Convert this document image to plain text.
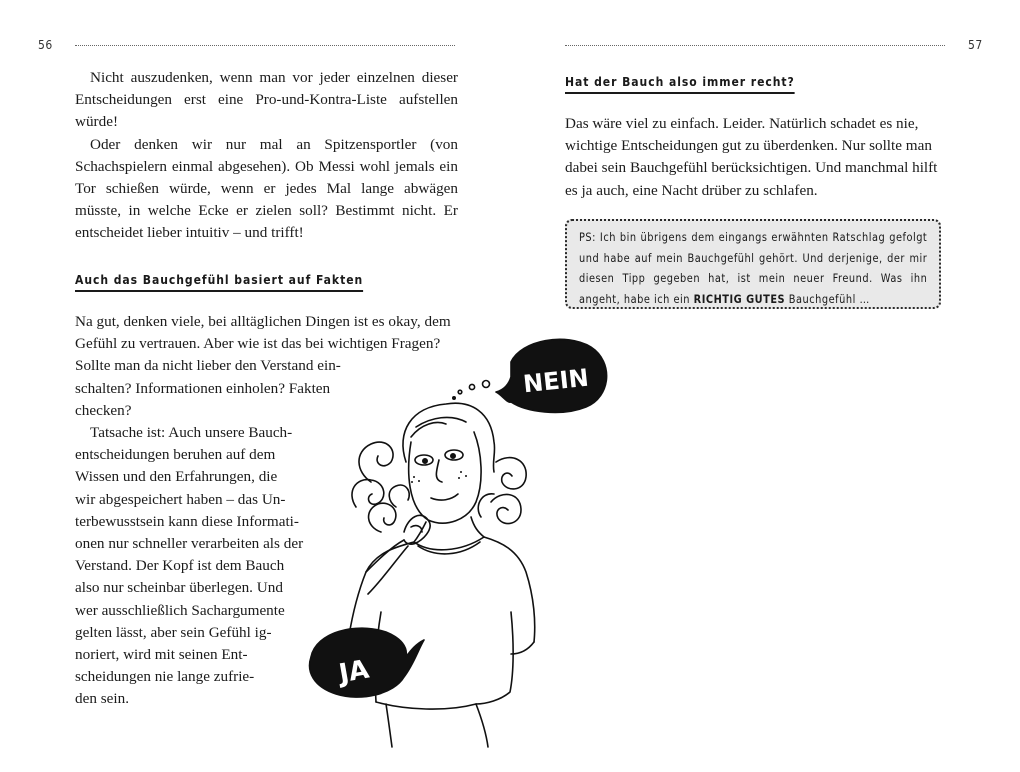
56

Nicht auszudenken, wenn man vor jeder einzelnen dieser Entscheidungen erst eine Pro-und-Kontra-Liste aufstellen würde!

Oder denken wir nur mal an Spitzensportler (von Schachspielern einmal abgesehen). Ob Messi wohl jemals ein Tor schießen würde, wenn er jedes Mal lange abwägen müsste, in welche Ecke er zielen soll? Bestimmt nicht. Er entscheidet lieber intuitiv – und trifft!

Auch das Bauchgefühl basiert auf Fakten

Na gut, denken viele, bei alltäglichen Dingen ist es okay, dem
Gefühl zu vertrauen. Aber wie ist das bei wichtigen Fragen?
Sollte man da nicht lieber den Verstand ein-
schalten? Informationen einholen? Fakten
checken?

Tatsache ist: Auch unsere Bauch-
entscheidungen beruhen auf dem
Wissen und den Erfahrungen, die
wir abgespeichert haben – das Un-
terbewusstsein kann diese Informati-
onen nur schneller verarbeiten als der
Verstand. Der Kopf ist dem Bauch
also nur scheinbar überlegen. Und
wer ausschließlich Sachargumente
gelten lässt, aber sein Gefühl ig-
noriert, wird mit seinen Ent-
scheidungen nie lange zufrie-
den sein.

NEIN
JA
57
Hat der Bauch also immer recht?

Das wäre viel zu einfach. Leider. Natürlich schadet es nie,
wichtige Entscheidungen gut zu überdenken. Nur sollte man
dabei sein Bauchgefühl berücksichtigen. Und manchmal hilft
es ja auch, eine Nacht drüber zu schlafen.

PS: Ich bin übrigens dem eingangs erwähnten Ratschlag gefolgt und habe auf mein Bauchgefühl gehört. Und derjenige, der mir diesen Tipp gegeben hat, ist mein neuer Freund. Was ihn angeht, habe ich ein RICHTIG GUTES Bauchgefühl …
